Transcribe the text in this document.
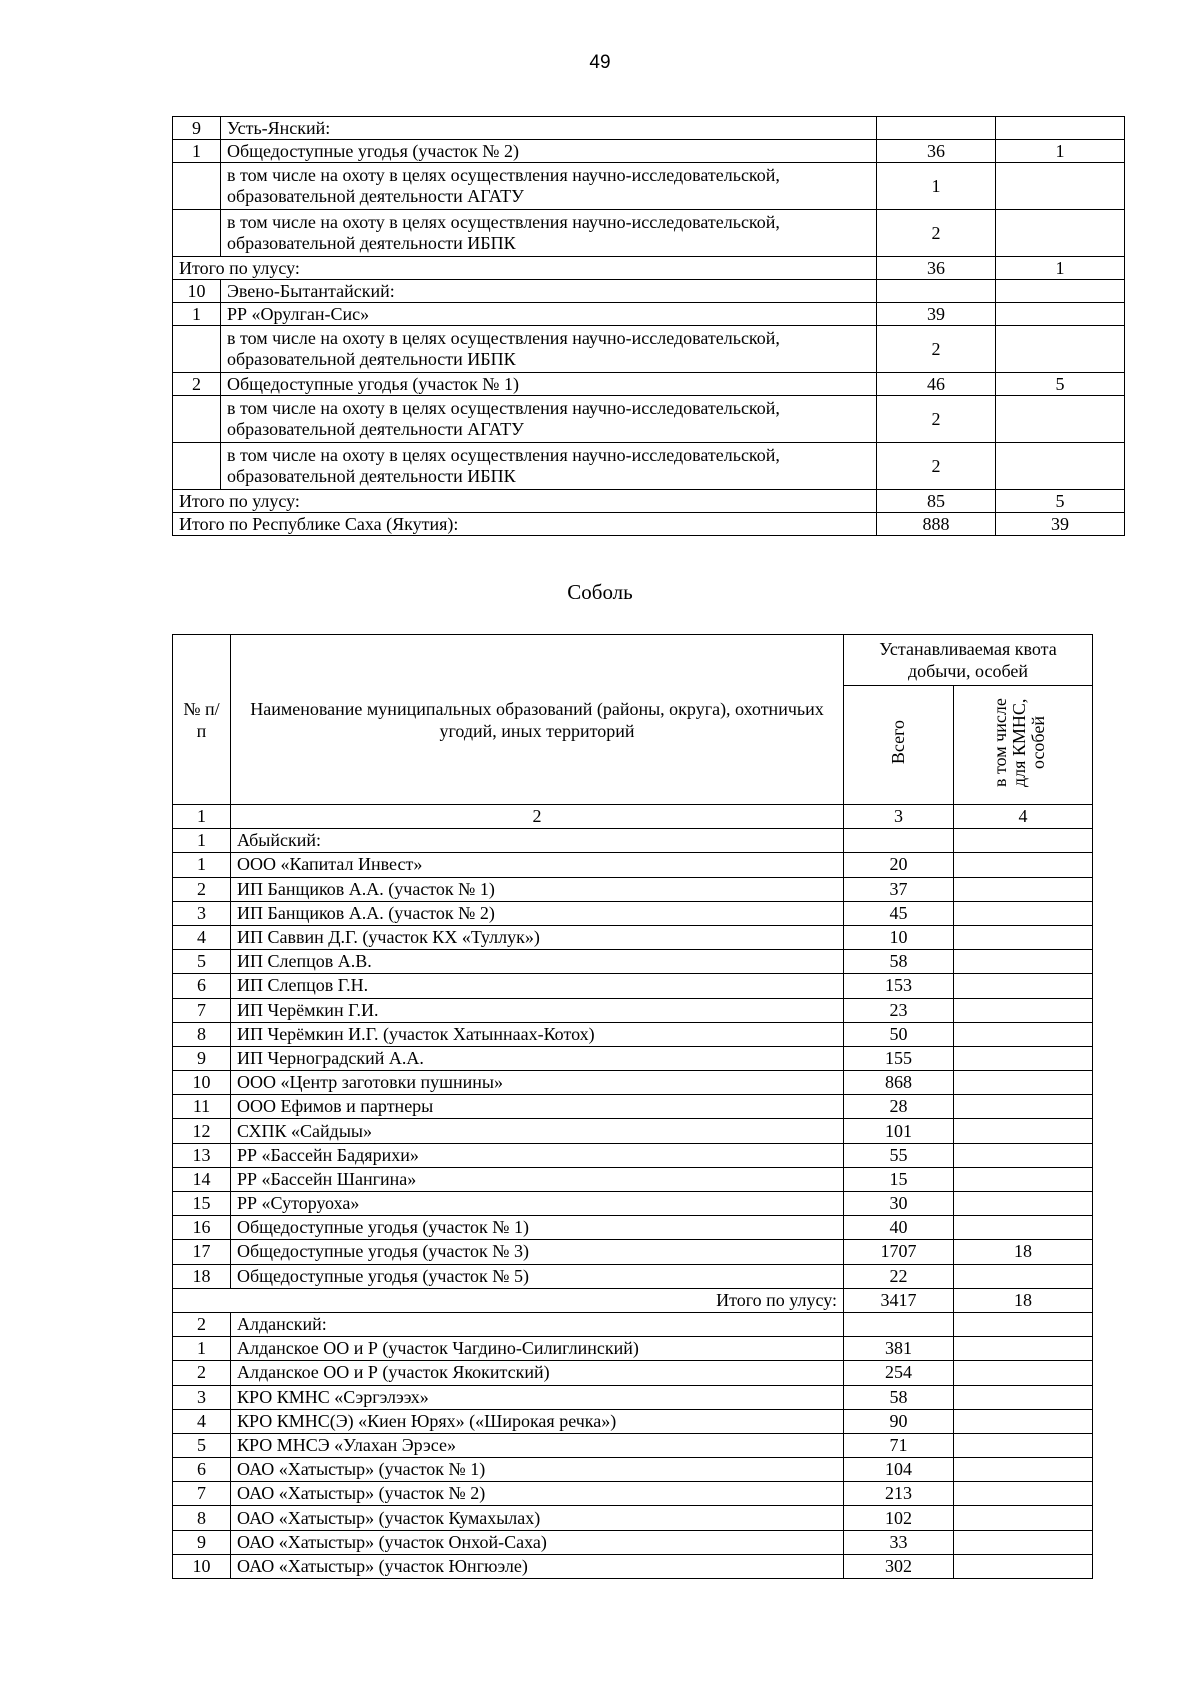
49
9	Усть-Янский:		
1	Общедоступные угодья (участок № 2)	36	1
	в том числе на охоту в целях осуществления научно-исследовательской, образовательной деятельности АГАТУ	1	
	в том числе на охоту в целях осуществления научно-исследовательской, образовательной деятельности ИБПК	2	
Итого по улусу:		36	1
10	Эвено-Бытантайский:		
1	РР «Орулган-Сис»	39	
	в том числе на охоту в целях осуществления научно-исследовательской, образовательной деятельности ИБПК	2	
2	Общедоступные угодья (участок № 1)	46	5
	в том числе на охоту в целях осуществления научно-исследовательской, образовательной деятельности АГАТУ	2	
	в том числе на охоту в целях осуществления научно-исследовательской, образовательной деятельности ИБПК	2	
Итого по улусу:		85	5
Итого по Республике Саха (Якутия):		888	39
Соболь
№ п/п	Наименование муниципальных образований (районы, округа), охотничьих угодий, иных территорий	Устанавливаемая квота добычи, особей	
		Всего	в том числе для КМНС, особей
1	2	3	4
1	Абыйский:		
1	ООО «Капитал Инвест»	20	
2	ИП Банщиков А.А. (участок № 1)	37	
3	ИП Банщиков А.А. (участок № 2)	45	
4	ИП Саввин Д.Г. (участок КХ «Туллук»)	10	
5	ИП Слепцов А.В.	58	
6	ИП Слепцов Г.Н.	153	
7	ИП Черёмкин Г.И.	23	
8	ИП Черёмкин И.Г. (участок Хатыннаах-Котох)	50	
9	ИП Черноградский А.А.	155	
10	ООО «Центр заготовки пушнины»	868	
11	ООО Ефимов и партнеры	28	
12	СХПК «Сайдыы»	101	
13	РР «Бассейн Бадярихи»	55	
14	РР «Бассейн Шангина»	15	
15	РР «Суторуоха»	30	
16	Общедоступные угодья (участок № 1)	40	
17	Общедоступные угодья (участок № 3)	1707	18
18	Общедоступные угодья (участок № 5)	22	
Итого по улусу:		3417	18
2	Алданский:		
1	Алданское ОО и Р (участок Чагдино-Силиглинский)	381	
2	Алданское ОО и Р (участок Якокитский)	254	
3	КРО КМНС «Сэргэлээх»	58	
4	КРО КМНС(Э) «Киен Юрях» («Широкая речка»)	90	
5	КРО МНСЭ «Улахан Эрэсе»	71	
6	ОАО «Хатыстыр» (участок № 1)	104	
7	ОАО «Хатыстыр» (участок № 2)	213	
8	ОАО «Хатыстыр» (участок Кумахылах)	102	
9	ОАО «Хатыстыр» (участок Онхой-Саха)	33	
10	ОАО «Хатыстыр» (участок Юнгюэле)	302	
